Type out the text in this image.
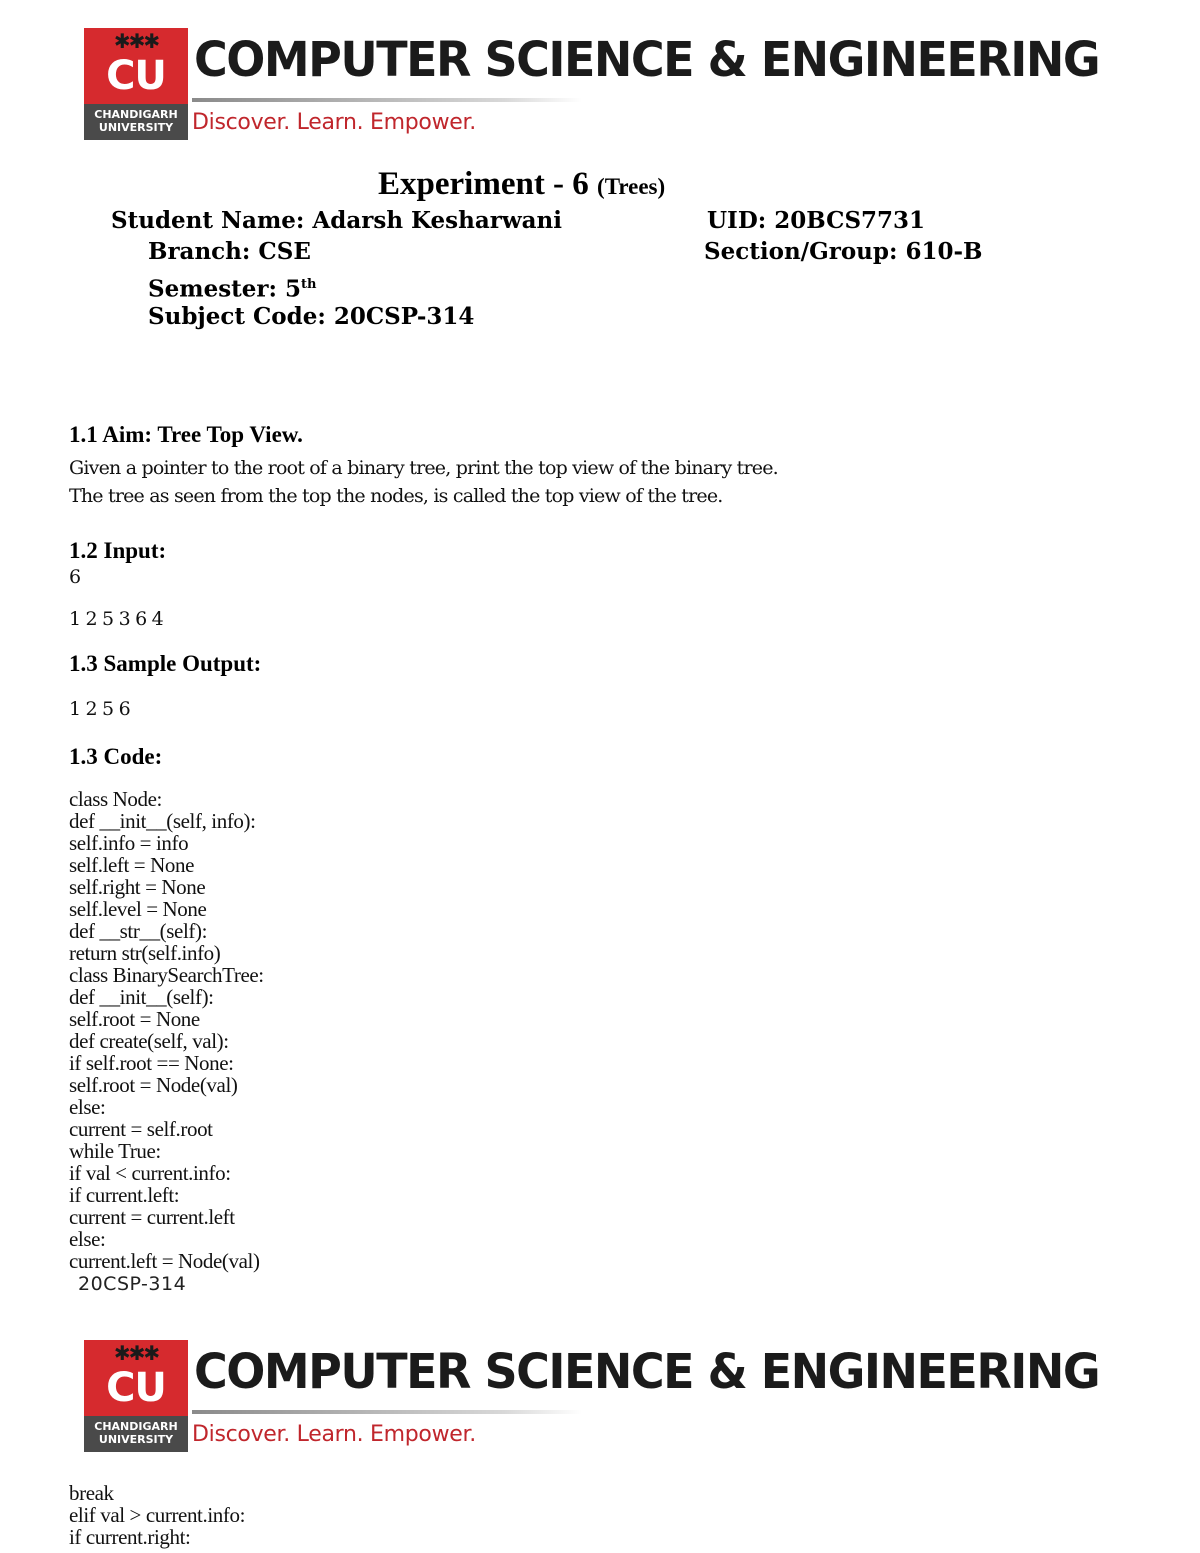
✱✱✱
CU
CHANDIGARH
UNIVERSITY
COMPUTER SCIENCE & ENGINEERING
Discover. Learn. Empower.
Experiment - 6 (Trees)
Student Name: Adarsh Kesharwani	UID: 20BCS7731
Branch: CSE	Section/Group: 610-B
Semester: 5th
Subject Code: 20CSP-314
1.1 Aim: Tree Top View.
Given a pointer to the root of a binary tree, print the top view of the binary tree.
The tree as seen from the top the nodes, is called the top view of the tree.
1.2 Input:
6
1 2 5 3 6 4
1.3 Sample Output:
1 2 5 6
1.3 Code:
class Node:
def __init__(self, info):
self.info = info
self.left = None
self.right = None
self.level = None
def __str__(self):
return str(self.info)
class BinarySearchTree:
def __init__(self):
self.root = None
def create(self, val):
if self.root == None:
self.root = Node(val)
else:
current = self.root
while True:
if val < current.info:
if current.left:
current = current.left
else:
current.left = Node(val)
20CSP-314
✱✱✱
CU
CHANDIGARH
UNIVERSITY
COMPUTER SCIENCE & ENGINEERING
Discover. Learn. Empower.
break
elif val > current.info:
if current.right:
